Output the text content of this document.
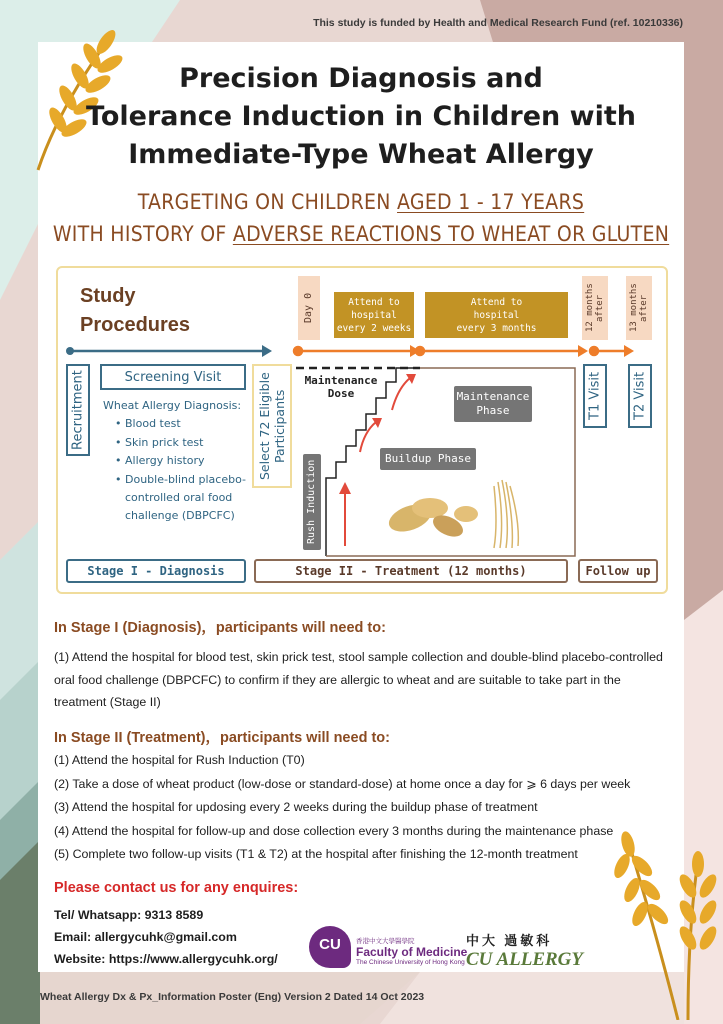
This study is funded by Health and Medical Research Fund (ref. 10210336)
Precision Diagnosis and
Tolerance Induction in Children with
Immediate-Type Wheat Allergy
TARGETING ON CHILDREN AGED 1 - 17 YEARS
WITH HISTORY OF ADVERSE REACTIONS TO WHEAT OR GLUTEN
Study
Procedures
Day 0	Attend to
hospital
every 2 weeks
Attend to
hospital
every 3 months	12 months after	13 months after
Maintenance
Dose
Recruitment	Screening Visit
Wheat Allergy Diagnosis:
• Blood test
• Skin prick test
• Allergy history
• Double-blind placebo-controlled oral food challenge (DBPCFC)
Select 72 Eligible Participants
Rush Induction
Buildup Phase
Maintenance
Phase	T1 Visit	T2 Visit
Stage I - Diagnosis	Stage II - Treatment (12 months)	Follow up
In Stage I (Diagnosis)，participants will need to:
(1) Attend the hospital for blood test, skin prick test, stool sample collection and double-blind placebo-controlled oral food challenge (DBPCFC) to confirm if they are allergic to wheat and are suitable to take part in the treatment (Stage II)
In Stage II (Treatment)，participants will need to:
(1) Attend the hospital for Rush Induction (T0)
(2) Take a dose of wheat product (low-dose or standard-dose) at home once a day for ⩾ 6 days per week
(3) Attend the hospital for updosing every 2 weeks during the buildup phase of treatment
(4) Attend the hospital for follow-up and dose collection every 3 months during the maintenance phase
(5) Complete two follow-up visits (T1 & T2) at the hospital after finishing the 12-month treatment
Please contact us for any enquires:
Tel/ Whatsapp: 9313 8589
Email: allergycuhk@gmail.com
Website: https://www.allergycuhk.org/
CU	香港中文大學醫學院
Faculty of Medicine
The Chinese University of Hong Kong
中大 過敏科
CU ALLERGY
Wheat Allergy Dx & Px_Information Poster (Eng) Version 2 Dated 14 Oct 2023
